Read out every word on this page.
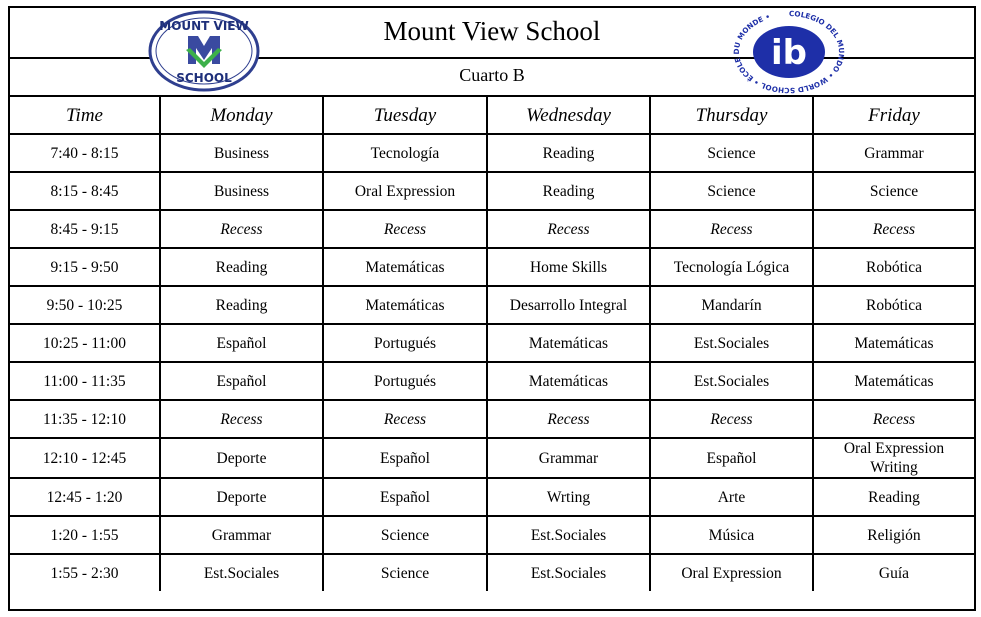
Mount View School
Cuarto B
MOUNT VIEW
SCHOOL
ib
COLEGIO DEL MUNDO • WORLD SCHOOL • ÉCOLE DU MONDE •
Time	Monday	Tuesday	Wednesday	Thursday	Friday
7:40 - 8:15	Business	Tecnología	Reading	Science	Grammar
8:15 - 8:45	Business	Oral Expression	Reading	Science	Science
8:45 - 9:15	Recess	Recess	Recess	Recess	Recess
9:15 - 9:50	Reading	Matemáticas	Home Skills	Tecnología Lógica	Robótica
9:50 - 10:25	Reading	Matemáticas	Desarrollo Integral	Mandarín	Robótica
10:25 - 11:00	Español	Portugués	Matemáticas	Est.Sociales	Matemáticas
11:00 - 11:35	Español	Portugués	Matemáticas	Est.Sociales	Matemáticas
11:35 - 12:10	Recess	Recess	Recess	Recess	Recess
12:10 - 12:45	Deporte	Español	Grammar	Español	Oral Expression
Writing

12:45 - 1:20	Deporte	Español	Wrting	Arte	Reading
1:20 - 1:55	Grammar	Science	Est.Sociales	Música	Religión
1:55 - 2:30	Est.Sociales	Science	Est.Sociales	Oral Expression	Guía
